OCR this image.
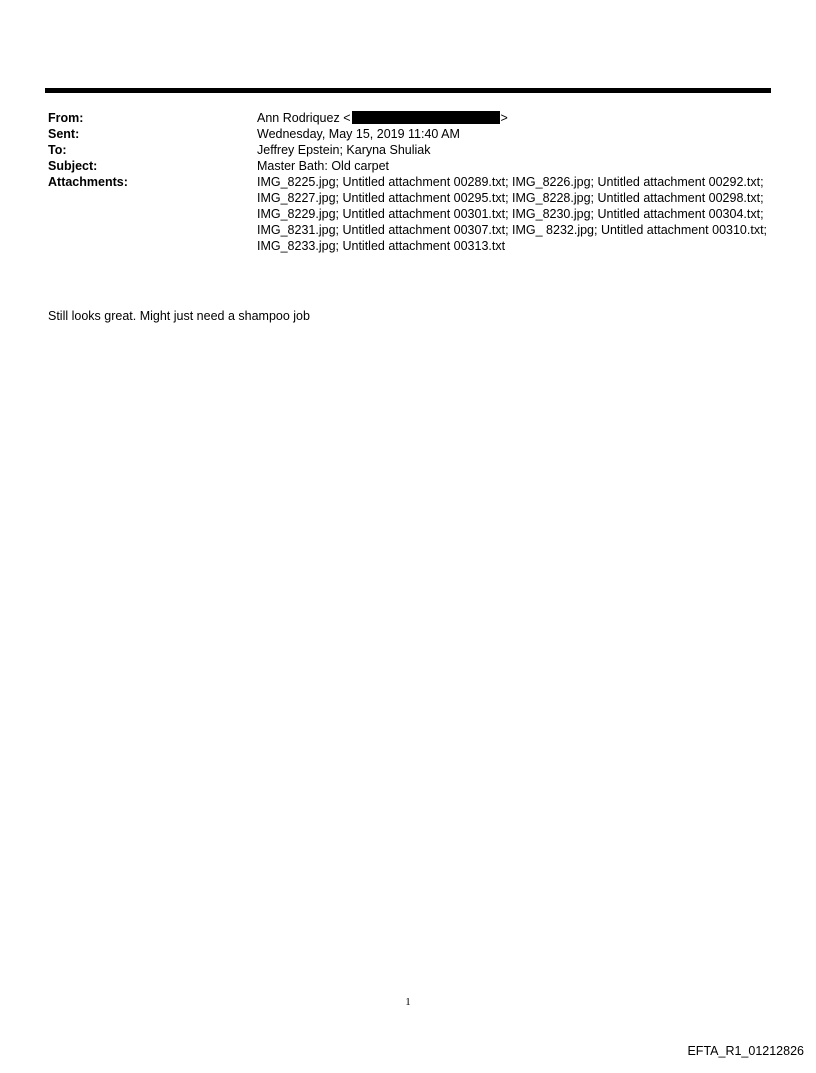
From:	Ann Rodriquez <	>
Sent:	Wednesday, May 15, 2019 11:40 AM
To:	Jeffrey Epstein; Karyna Shuliak
Subject:	Master Bath: Old carpet
Attachments:	IMG_8225.jpg; Untitled attachment 00289.txt; IMG_8226.jpg; Untitled attachment 00292.txt; IMG_8227.jpg; Untitled attachment 00295.txt; IMG_8228.jpg; Untitled attachment 00298.txt; IMG_8229.jpg; Untitled attachment 00301.txt; IMG_8230.jpg; Untitled attachment 00304.txt; IMG_8231.jpg; Untitled attachment 00307.txt; IMG_ 8232.jpg; Untitled attachment 00310.txt; IMG_8233.jpg; Untitled attachment 00313.txt
Still looks great. Might just need a shampoo job
1
EFTA_R1_01212826
